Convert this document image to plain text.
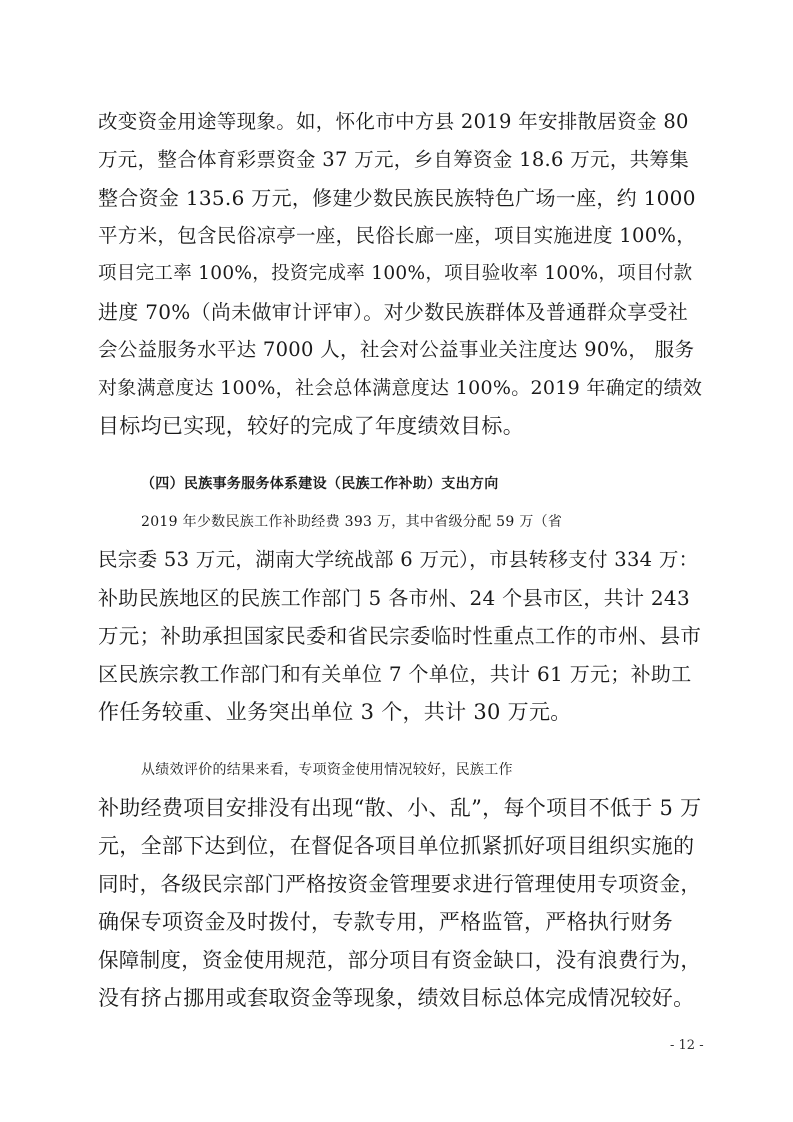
改变资金用途等现象。如，怀化市中方县 2019 年安排散居资金 80
万元，整合体育彩票资金 37 万元，乡自筹资金 18.6 万元，共筹集
整合资金 135.6 万元，修建少数民族民族特色广场一座，约 1000
平方米，包含民俗凉亭一座，民俗长廊一座，项目实施进度 100%，
项目完工率 100%，投资完成率 100%，项目验收率 100%，项目付款
进度 70%（尚未做审计评审）。对少数民族群体及普通群众享受社
会公益服务水平达 7000 人，社会对公益事业关注度达 90%， 服务
对象满意度达 100%，社会总体满意度达 100%。2019 年确定的绩效
目标均已实现，较好的完成了年度绩效目标。
（四）民族事务服务体系建设（民族工作补助）支出方向
2019 年少数民族工作补助经费 393 万，其中省级分配 59 万（省
民宗委 53 万元，湖南大学统战部 6 万元），市县转移支付 334 万：
补助民族地区的民族工作部门 5 各市州、24 个县市区，共计 243
万元；补助承担国家民委和省民宗委临时性重点工作的市州、县市
区民族宗教工作部门和有关单位 7 个单位，共计 61 万元；补助工
作任务较重、业务突出单位 3 个，共计 30 万元。
从绩效评价的结果来看，专项资金使用情况较好，民族工作
补助经费项目安排没有出现“散、小、乱”，每个项目不低于 5 万
元，全部下达到位，在督促各项目单位抓紧抓好项目组织实施的
同时，各级民宗部门严格按资金管理要求进行管理使用专项资金，
确保专项资金及时拨付，专款专用，严格监管，严格执行财务
保障制度，资金使用规范，部分项目有资金缺口，没有浪费行为，
没有挤占挪用或套取资金等现象，绩效目标总体完成情况较好。
- 12 -
